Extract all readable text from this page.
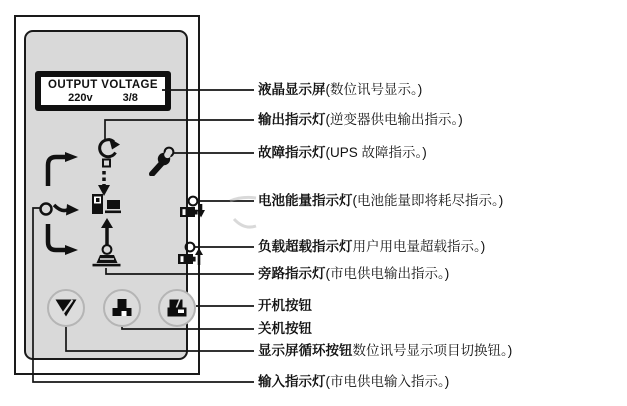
OUTPUT VOLTAGE
220v	3/8
液晶显示屏(数位讯号显示。)
输出指示灯(逆变器供电输出指示。)
故障指示灯(UPS 故障指示。)
电池能量指示灯(电池能量即将耗尽指示。)
负载超载指示灯用户用电量超载指示。)
旁路指示灯(市电供电输出指示。)
开机按钮
关机按钮
显示屏循环按钮数位讯号显示项目切换钮。)
输入指示灯(市电供电输入指示。)
